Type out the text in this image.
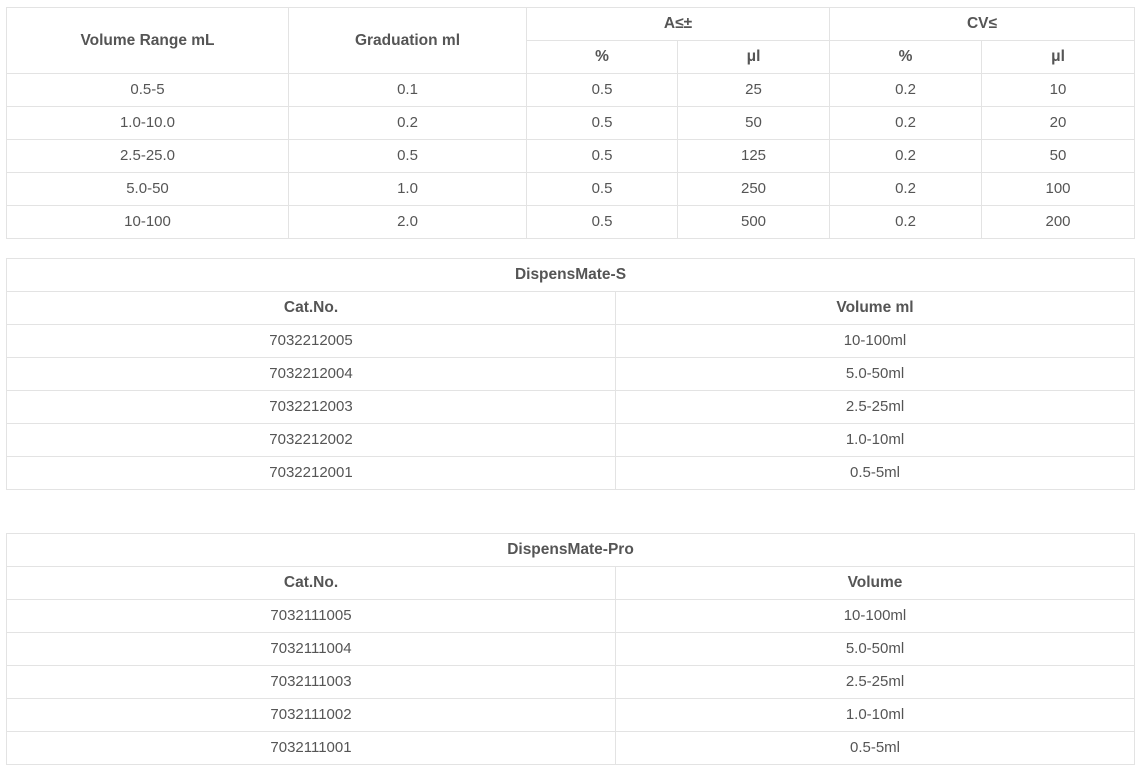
Volume Range mL	Graduation ml	A≤±		CV≤	
		%	μl	%	μl
0.5-5	0.1	0.5	25	0.2	10
1.0-10.0	0.2	0.5	50	0.2	20
2.5-25.0	0.5	0.5	125	0.2	50
5.0-50	1.0	0.5	250	0.2	100
10-100	2.0	0.5	500	0.2	200
DispensMate-S	
Cat.No.	Volume ml
7032212005	10-100ml
7032212004	5.0-50ml
7032212003	2.5-25ml
7032212002	1.0-10ml
7032212001	0.5-5ml
DispensMate-Pro	
Cat.No.	Volume
7032111005	10-100ml
7032111004	5.0-50ml
7032111003	2.5-25ml
7032111002	1.0-10ml
7032111001	0.5-5ml
